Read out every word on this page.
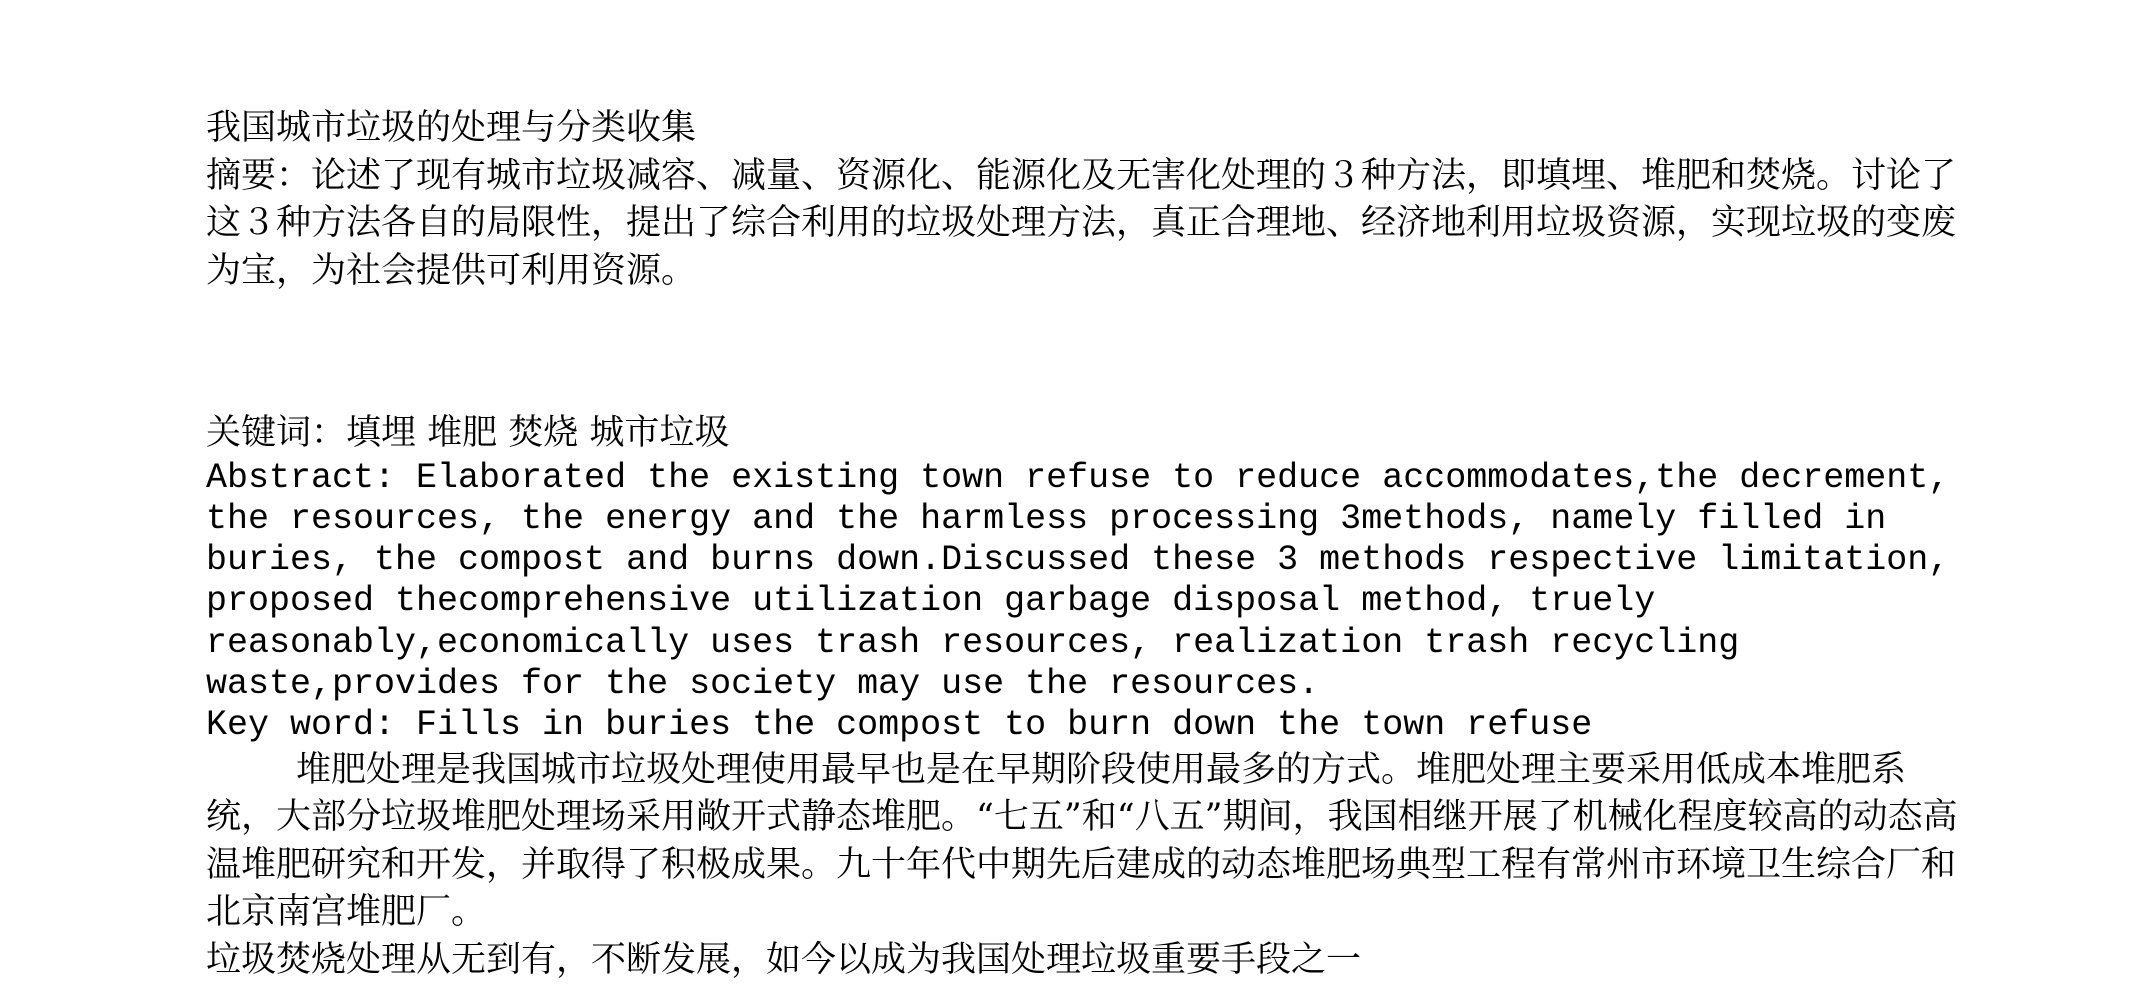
我国城市垃圾的处理与分类收集

摘要：论述了现有城市垃圾减容、减量、资源化、能源化及无害化处理的３种方法，即填埋、堆肥和焚烧。讨论了这３种方法各自的局限性，提出了综合利用的垃圾处理方法，真正合理地、经济地利用垃圾资源，实现垃圾的变废为宝，为社会提供可利用资源。

关键词：填埋 堆肥 焚烧 城市垃圾

Abstract: Elaborated the existing town refuse to reduce accommodates,the decrement, the resources, the energy and the harmless processing 3methods, namely filled in buries, the compost and burns down.Discussed these 3 methods respective limitation, proposed thecomprehensive utilization garbage disposal method, truely reasonably,economically uses trash resources, realization trash recycling waste,provides for the society may use the resources.

Key word: Fills in buries the compost to burn down the town refuse

堆肥处理是我国城市垃圾处理使用最早也是在早期阶段使用最多的方式。堆肥处理主要采用低成本堆肥系统，大部分垃圾堆肥处理场采用敞开式静态堆肥。“七五”和“八五”期间，我国相继开展了机械化程度较高的动态高温堆肥研究和开发，并取得了积极成果。九十年代中期先后建成的动态堆肥场典型工程有常州市环境卫生综合厂和北京南宫堆肥厂。

垃圾焚烧处理从无到有，不断发展，如今以成为我国处理垃圾重要手段之一
